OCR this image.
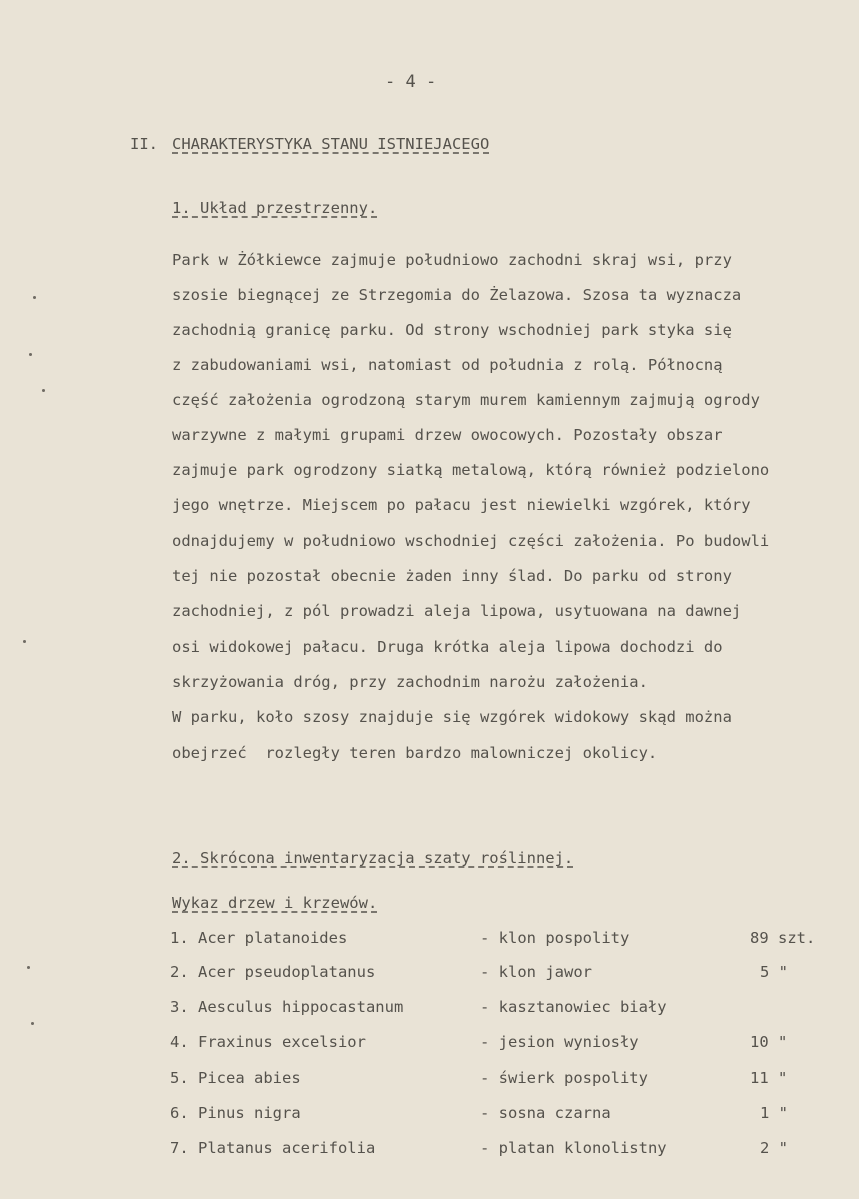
- 4 -
II. CHARAKTERYSTYKA STANU ISTNIEJACEGO
1. Układ przestrzenny.
Park w Żółkiewce zajmuje południowo zachodni skraj wsi, przy
szosie biegnącej ze Strzegomia do Żelazowa. Szosa ta wyznacza
zachodnią granicę parku. Od strony wschodniej park styka się
z zabudowaniami wsi, natomiast od południa z rolą. Północną
część założenia ogrodzoną starym murem kamiennym zajmują ogrody
warzywne z małymi grupami drzew owocowych. Pozostały obszar
zajmuje park ogrodzony siatką metalową, którą również podzielono
jego wnętrze. Miejscem po pałacu jest niewielki wzgórek, który
odnajdujemy w południowo wschodniej części założenia. Po budowli
tej nie pozostał obecnie żaden inny ślad. Do parku od strony
zachodniej, z pól prowadzi aleja lipowa, usytuowana na dawnej
osi widokowej pałacu. Druga krótka aleja lipowa dochodzi do
skrzyżowania dróg, przy zachodnim narożu założenia.
W parku, koło szosy znajduje się wzgórek widokowy skąd można
obejrzeć  rozległy teren bardzo malowniczej okolicy.
2. Skrócona inwentaryzacja szaty roślinnej.
Wykaz drzew i krzewów.
1. Acer platanoides	- klon pospolity	89 szt.
2. Acer pseudoplatanus	- klon jawor	5 "
3. Aesculus hippocastanum	- kasztanowiec biały
4. Fraxinus excelsior	- jesion wyniosły	10 "
5. Picea abies	- świerk pospolity	11 "
6. Pinus nigra	- sosna czarna	1 "
7. Platanus acerifolia	- platan klonolistny	2 "
